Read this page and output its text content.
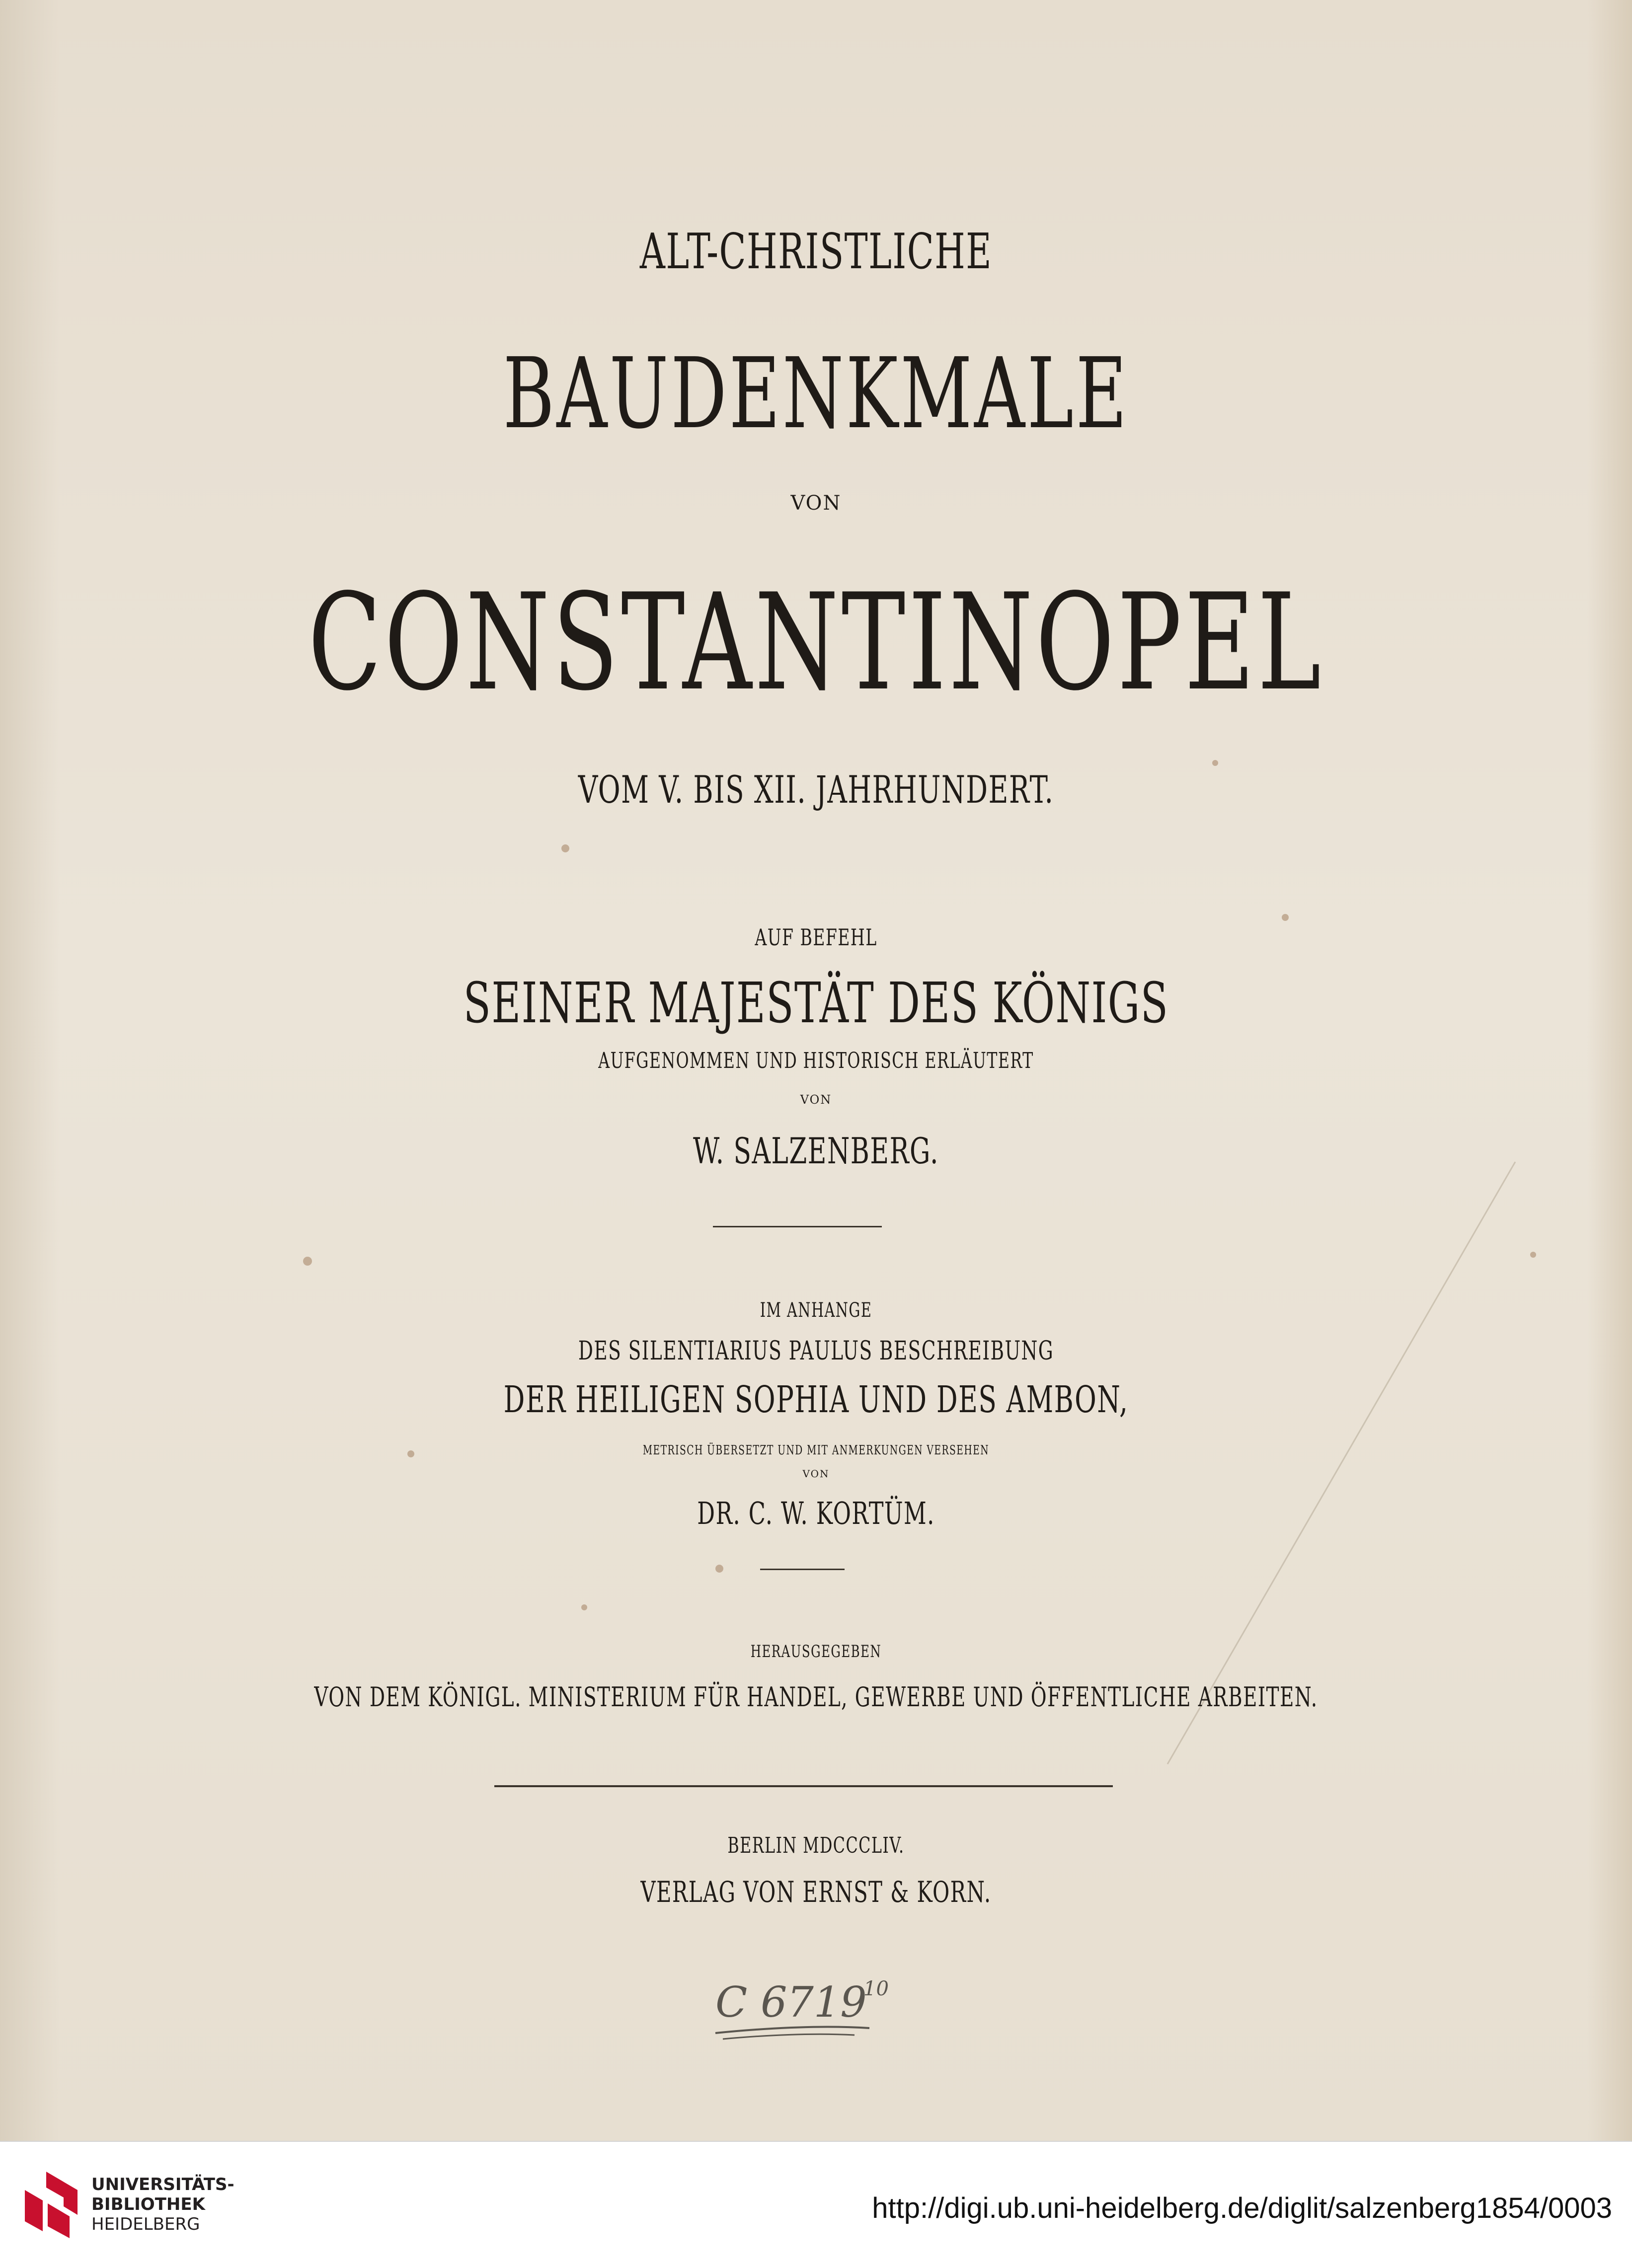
ALT-CHRISTLICHE
BAUDENKMALE
VON
CONSTANTINOPEL
VOM V. BIS XII. JAHRHUNDERT.
AUF BEFEHL
SEINER MAJESTÄT DES KÖNIGS
AUFGENOMMEN UND HISTORISCH ERLÄUTERT
VON
W. SALZENBERG.
IM ANHANGE
DES SILENTIARIUS PAULUS BESCHREIBUNG
DER HEILIGEN SOPHIA UND DES AMBON,
METRISCH ÜBERSETZT UND MIT ANMERKUNGEN VERSEHEN
VON
DR. C. W. KORTÜM.
HERAUSGEGEBEN
VON DEM KÖNIGL. MINISTERIUM FÜR HANDEL, GEWERBE UND ÖFFENTLICHE ARBEITEN.
BERLIN MDCCCLIV.
VERLAG VON ERNST & KORN.
C 6719
10
UNIVERSITÄTS-
BIBLIOTHEK
HEIDELBERG	http://digi.ub.uni-heidelberg.de/diglit/salzenberg1854/0003
